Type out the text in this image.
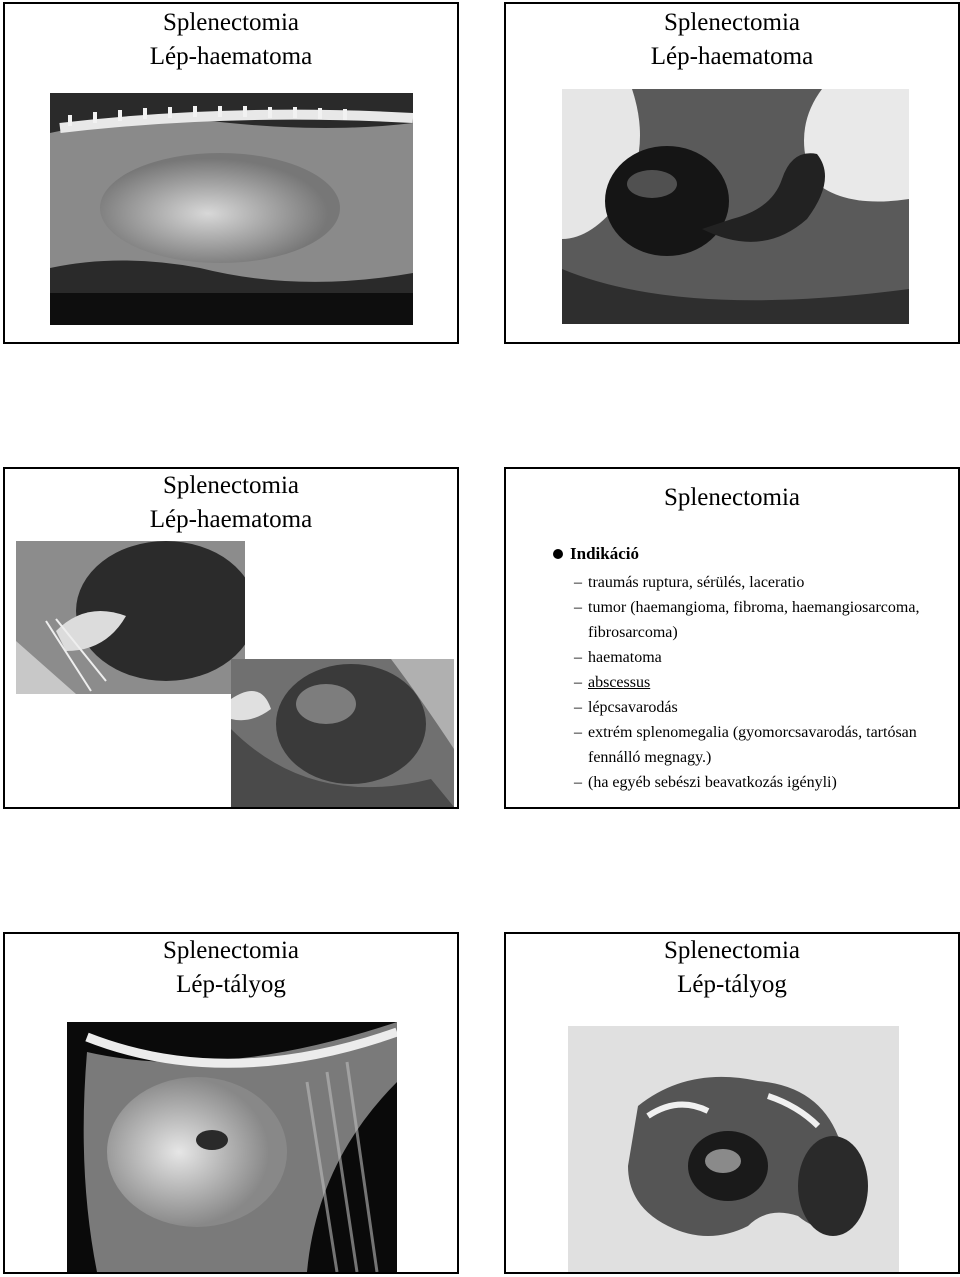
Splenectomia
Lép-haematoma
Splenectomia
Lép-haematoma
Splenectomia
Lép-haematoma
Splenectomia
Indikáció
– traumás ruptura, sérülés, laceratio
– tumor (haemangioma, fibroma, haemangiosarcoma,
fibrosarcoma)
– haematoma
– abscessus
– lépcsavarodás
– extrém splenomegalia (gyomorcsavarodás, tartósan
fennálló megnagy.)
– (ha egyéb sebészi beavatkozás igényli)
Splenectomia
Lép-tályog
Splenectomia
Lép-tályog
